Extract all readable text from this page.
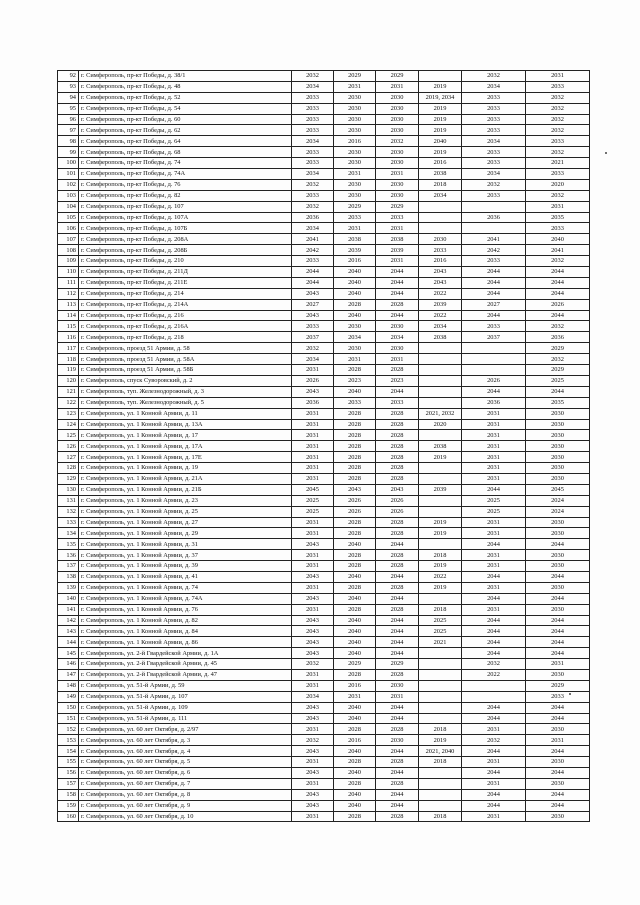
92	г. Симферополь, пр-кт Победы, д. 38/1	2032	2029	2029		2032	2031
93	г. Симферополь, пр-кт Победы, д. 48	2034	2031	2031	2019	2034	2033
94	г. Симферополь, пр-кт Победы, д. 52	2033	2030	2030	2019, 2034	2033	2032
95	г. Симферополь, пр-кт Победы, д. 54	2033	2030	2030	2019	2033	2032
96	г. Симферополь, пр-кт Победы, д. 60	2033	2030	2030	2019	2033	2032
97	г. Симферополь, пр-кт Победы, д. 62	2033	2030	2030	2019	2033	2032
98	г. Симферополь, пр-кт Победы, д. 64	2034	2016	2032	2040	2034	2033
99	г. Симферополь, пр-кт Победы, д. 68	2033	2030	2030	2019	2033	2032
100	г. Симферополь, пр-кт Победы, д. 74	2033	2030	2030	2016	2033	2021
101	г. Симферополь, пр-кт Победы, д. 74А	2034	2031	2031	2038	2034	2033
102	г. Симферополь, пр-кт Победы, д. 76	2032	2030	2030	2018	2032	2020
103	г. Симферополь, пр-кт Победы, д. 82	2033	2030	2030	2034	2033	2032
104	г. Симферополь, пр-кт Победы, д. 107	2032	2029	2029			2031
105	г. Симферополь, пр-кт Победы, д. 107А	2036	2033	2033		2036	2035
106	г. Симферополь, пр-кт Победы, д. 107Б	2034	2031	2031			2033
107	г. Симферополь, пр-кт Победы, д. 208А	2041	2038	2038	2030	2041	2040
108	г. Симферополь, пр-кт Победы, д. 208Б	2042	2039	2039	2033	2042	2041
109	г. Симферополь, пр-кт Победы, д. 210	2033	2016	2031	2016	2033	2032
110	г. Симферополь, пр-кт Победы, д. 211Д	2044	2040	2044	2043	2044	2044
111	г. Симферополь, пр-кт Победы, д. 211Е	2044	2040	2044	2043	2044	2044
112	г. Симферополь, пр-кт Победы, д. 214	2043	2040	2044	2022	2044	2044
113	г. Симферополь, пр-кт Победы, д. 214А	2027	2028	2028	2039	2027	2026
114	г. Симферополь, пр-кт Победы, д. 216	2043	2040	2044	2022	2044	2044
115	г. Симферополь, пр-кт Победы, д. 216А	2033	2030	2030	2034	2033	2032
116	г. Симферополь, пр-кт Победы, д. 218	2037	2034	2034	2038	2037	2036
117	г. Симферополь, проезд 51 Армии, д. 58	2032	2030	2030			2029
118	г. Симферополь, проезд 51 Армии, д. 58А	2034	2031	2031			2032
119	г. Симферополь, проезд 51 Армии, д. 58Б	2031	2028	2028			2029
120	г. Симферополь, спуск Суворовский, д. 2	2026	2023	2023		2026	2025
121	г. Симферополь, туп. Железнодорожный, д. 3	2043	2040	2044		2044	2044
122	г. Симферополь, туп. Железнодорожный, д. 5	2036	2033	2033		2036	2035
123	г. Симферополь, ул. 1 Конной Армии, д. 11	2031	2028	2028	2021, 2032	2031	2030
124	г. Симферополь, ул. 1 Конной Армии, д. 13А	2031	2028	2028	2020	2031	2030
125	г. Симферополь, ул. 1 Конной Армии, д. 17	2031	2028	2028		2031	2030
126	г. Симферополь, ул. 1 Конной Армии, д. 17А	2031	2028	2028	2038	2031	2030
127	г. Симферополь, ул. 1 Конной Армии, д. 17Е	2031	2028	2028	2019	2031	2030
128	г. Симферополь, ул. 1 Конной Армии, д. 19	2031	2028	2028		2031	2030
129	г. Симферополь, ул. 1 Конной Армии, д. 21А	2031	2028	2028		2031	2030
130	г. Симферополь, ул. 1 Конной Армии, д. 21Б	2045	2043	2043	2039	2044	2045
131	г. Симферополь, ул. 1 Конной Армии, д. 23	2025	2026	2026		2025	2024
132	г. Симферополь, ул. 1 Конной Армии, д. 25	2025	2026	2026		2025	2024
133	г. Симферополь, ул. 1 Конной Армии, д. 27	2031	2028	2028	2019	2031	2030
134	г. Симферополь, ул. 1 Конной Армии, д. 29	2031	2028	2028	2019	2031	2030
135	г. Симферополь, ул. 1 Конной Армии, д. 31	2043	2040	2044		2044	2044
136	г. Симферополь, ул. 1 Конной Армии, д. 37	2031	2028	2028	2018	2031	2030
137	г. Симферополь, ул. 1 Конной Армии, д. 39	2031	2028	2028	2019	2031	2030
138	г. Симферополь, ул. 1 Конной Армии, д. 41	2043	2040	2044	2022	2044	2044
139	г. Симферополь, ул. 1 Конной Армии, д. 74	2031	2028	2028	2019	2031	2030
140	г. Симферополь, ул. 1 Конной Армии, д. 74А	2043	2040	2044		2044	2044
141	г. Симферополь, ул. 1 Конной Армии, д. 76	2031	2028	2028	2018	2031	2030
142	г. Симферополь, ул. 1 Конной Армии, д. 82	2043	2040	2044	2025	2044	2044
143	г. Симферополь, ул. 1 Конной Армии, д. 84	2043	2040	2044	2025	2044	2044
144	г. Симферополь, ул. 1 Конной Армии, д. 86	2043	2040	2044	2021	2044	2044
145	г. Симферополь, ул. 2-й Гвардейской Армии, д. 1А	2043	2040	2044		2044	2044
146	г. Симферополь, ул. 2-й Гвардейской Армии, д. 45	2032	2029	2029		2032	2031
147	г. Симферополь, ул. 2-й Гвардейской Армии, д. 47	2031	2028	2028		2022	2030
148	г. Симферополь, ул. 51-й Армии, д. 59	2031	2016	2030			2029
149	г. Симферополь, ул. 51-й Армии, д. 107	2034	2031	2031			2033
150	г. Симферополь, ул. 51-й Армии, д. 109	2043	2040	2044		2044	2044
151	г. Симферополь, ул. 51-й Армии, д. 111	2043	2040	2044		2044	2044
152	г. Симферополь, ул. 60 лет Октября, д. 2/97	2031	2028	2028	2018	2031	2030
153	г. Симферополь, ул. 60 лет Октября, д. 3	2032	2016	2030	2019	2032	2031
154	г. Симферополь, ул. 60 лет Октября, д. 4	2043	2040	2044	2021, 2040	2044	2044
155	г. Симферополь, ул. 60 лет Октября, д. 5	2031	2028	2028	2018	2031	2030
156	г. Симферополь, ул. 60 лет Октября, д. 6	2043	2040	2044		2044	2044
157	г. Симферополь, ул. 60 лет Октября, д. 7	2031	2028	2028		2031	2030
158	г. Симферополь, ул. 60 лет Октября, д. 8	2043	2040	2044		2044	2044
159	г. Симферополь, ул. 60 лет Октября, д. 9	2043	2040	2044		2044	2044
160	г. Симферополь, ул. 60 лет Октября, д. 10	2031	2028	2028	2018	2031	2030
